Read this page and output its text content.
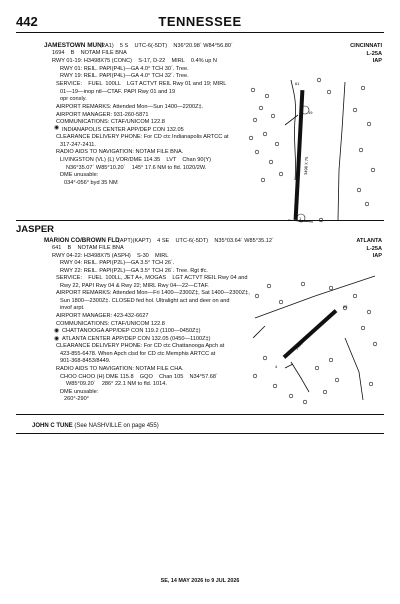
442	TENNESSEE
JAMESTOWN MUNI
(2A1)    5 S    UTC-6(-5DT)    N36°20.98´ W84°56.80´
1694    B    NOTAM FILE BNA
RWY 01-19: H3498X75 (CONC)    S-17, D-22    MIRL    0.4% up N
RWY 01: REIL. PAPI(P4L)—GA 4.0° TCH 30´. Tree.
RWY 19: REIL. PAPI(P4L)—GA 4.0° TCH 32´. Tree.
SERVICE:    FUEL  100LL    LGT ACTVT REIL Rwy 01 and 19; MIRL
01—19—inop ntl—CTAF. PAPI Rwy 01 and 19
opr consly.
AIRPORT REMARKS: Attended Mon—Sun 1400—2200Z‡.
AIRPORT MANAGER: 931-260-5871
COMMUNICATIONS: CTAF/UNICOM 122.8
INDIANAPOLIS CENTER APP/DEP CON 132.05
CLEARANCE DELIVERY PHONE: For CD ctc Indianapolis ARTCC at
317-247-2411.
RADIO AIDS TO NAVIGATION: NOTAM FILE BNA.
LIVINGSTON (VL) (L) VOR/DME 114.35    LVT    Chan 90(Y)
N36°35.07´ W85°10.20´    145° 17.6 NM to fld. 1020/2W.
DME unusable:
034°-056° byd 35 NM
CINCINNATI
L-25A
IAP
◉
19
1
61
3498 X 75
JASPER
MARION CO/BROWN FLD
(APT)(KAPT)    4 SE    UTC-6(-5DT)    N35°03.64´ W85°35.12´
641    B    NOTAM FILE BNA
RWY 04-22: H3498X75 (ASPH)    S-30    MIRL
RWY 04: REIL. PAPI(P2L)—GA 3.5° TCH 26´.
RWY 22: REIL. PAPI(P2L)—GA 3.5° TCH 26´. Tree. Rgt tfc.
SERVICE:    FUEL  100LL, JET A+, MOGAS    LGT ACTVT REIL Rwy 04 and
Rwy 22, PAPI Rwy 04 & Rwy 22; MIRL Rwy 04—22—CTAF.
AIRPORT REMARKS: Attended Mon—Fri 1400—2300Z‡, Sat 1400—2300Z‡,
Sun 1800—2300Z‡. CLOSED fed hol. Ultralight act and deer on and
invof arpt.
AIRPORT MANAGER: 423-432-6627
COMMUNICATIONS: CTAF/UNICOM 122.8
CHATTANOOGA APP/DEP CON 119.2 (1100—0450Z‡)
ATLANTA CENTER APP/DEP CON 132.05 (0450—1100Z‡)
CLEARANCE DELIVERY PHONE: For CD ctc Chattanooga Apch at
423-855-6478. When Apch clsd for CD ctc Memphis ARTCC at
901-368-8453/8449.
RADIO AIDS TO NAVIGATION: NOTAM FILE CHA.
CHOO CHOO (H) DME 115.8    GQO    Chan 105    N34°57.68´
W85°09.20´    286° 22.1 NM to fld. 1014.
DME unusable:
260°-290°
◉
◉
ATLANTA
L-25A
IAP
4
22
3498 X 75
JOHN C TUNE (See NASHVILLE on page 455)
SE, 14 MAY 2026 to 9 JUL 2026
